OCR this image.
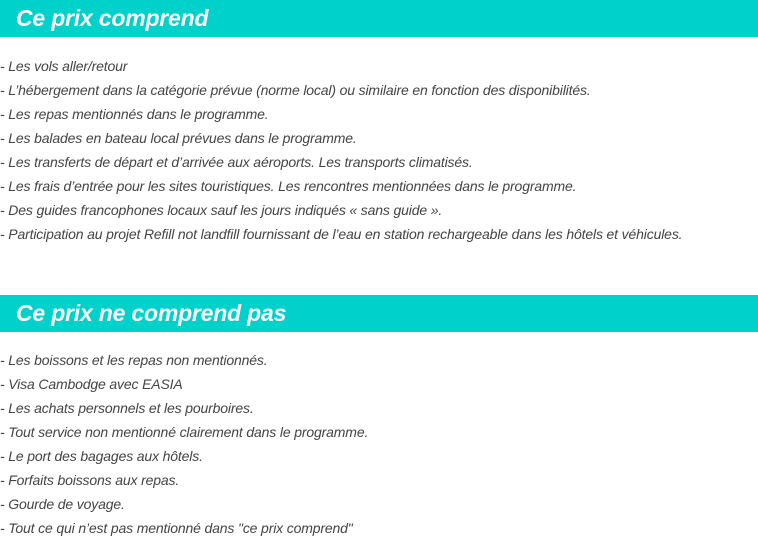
Ce prix comprend
- Les vols aller/retour
- L’hébergement dans la catégorie prévue (norme local) ou similaire en fonction des disponibilités.
- Les repas mentionnés dans le programme.
- Les balades en bateau local prévues dans le programme.
- Les transferts de départ et d’arrivée aux aéroports. Les transports climatisés.
- Les frais d’entrée pour les sites touristiques. Les rencontres mentionnées dans le programme.
- Des guides francophones locaux sauf les jours indiqués « sans guide ».
- Participation au projet Refill not landfill fournissant de l’eau en station rechargeable dans les hôtels et véhicules.
Ce prix ne comprend pas
- Les boissons et les repas non mentionnés.
- Visa Cambodge avec EASIA
- Les achats personnels et les pourboires.
- Tout service non mentionné clairement dans le programme.
- Le port des bagages aux hôtels.
- Forfaits boissons aux repas.
- Gourde de voyage.
- Tout ce qui n’est pas mentionné dans "ce prix comprend"
